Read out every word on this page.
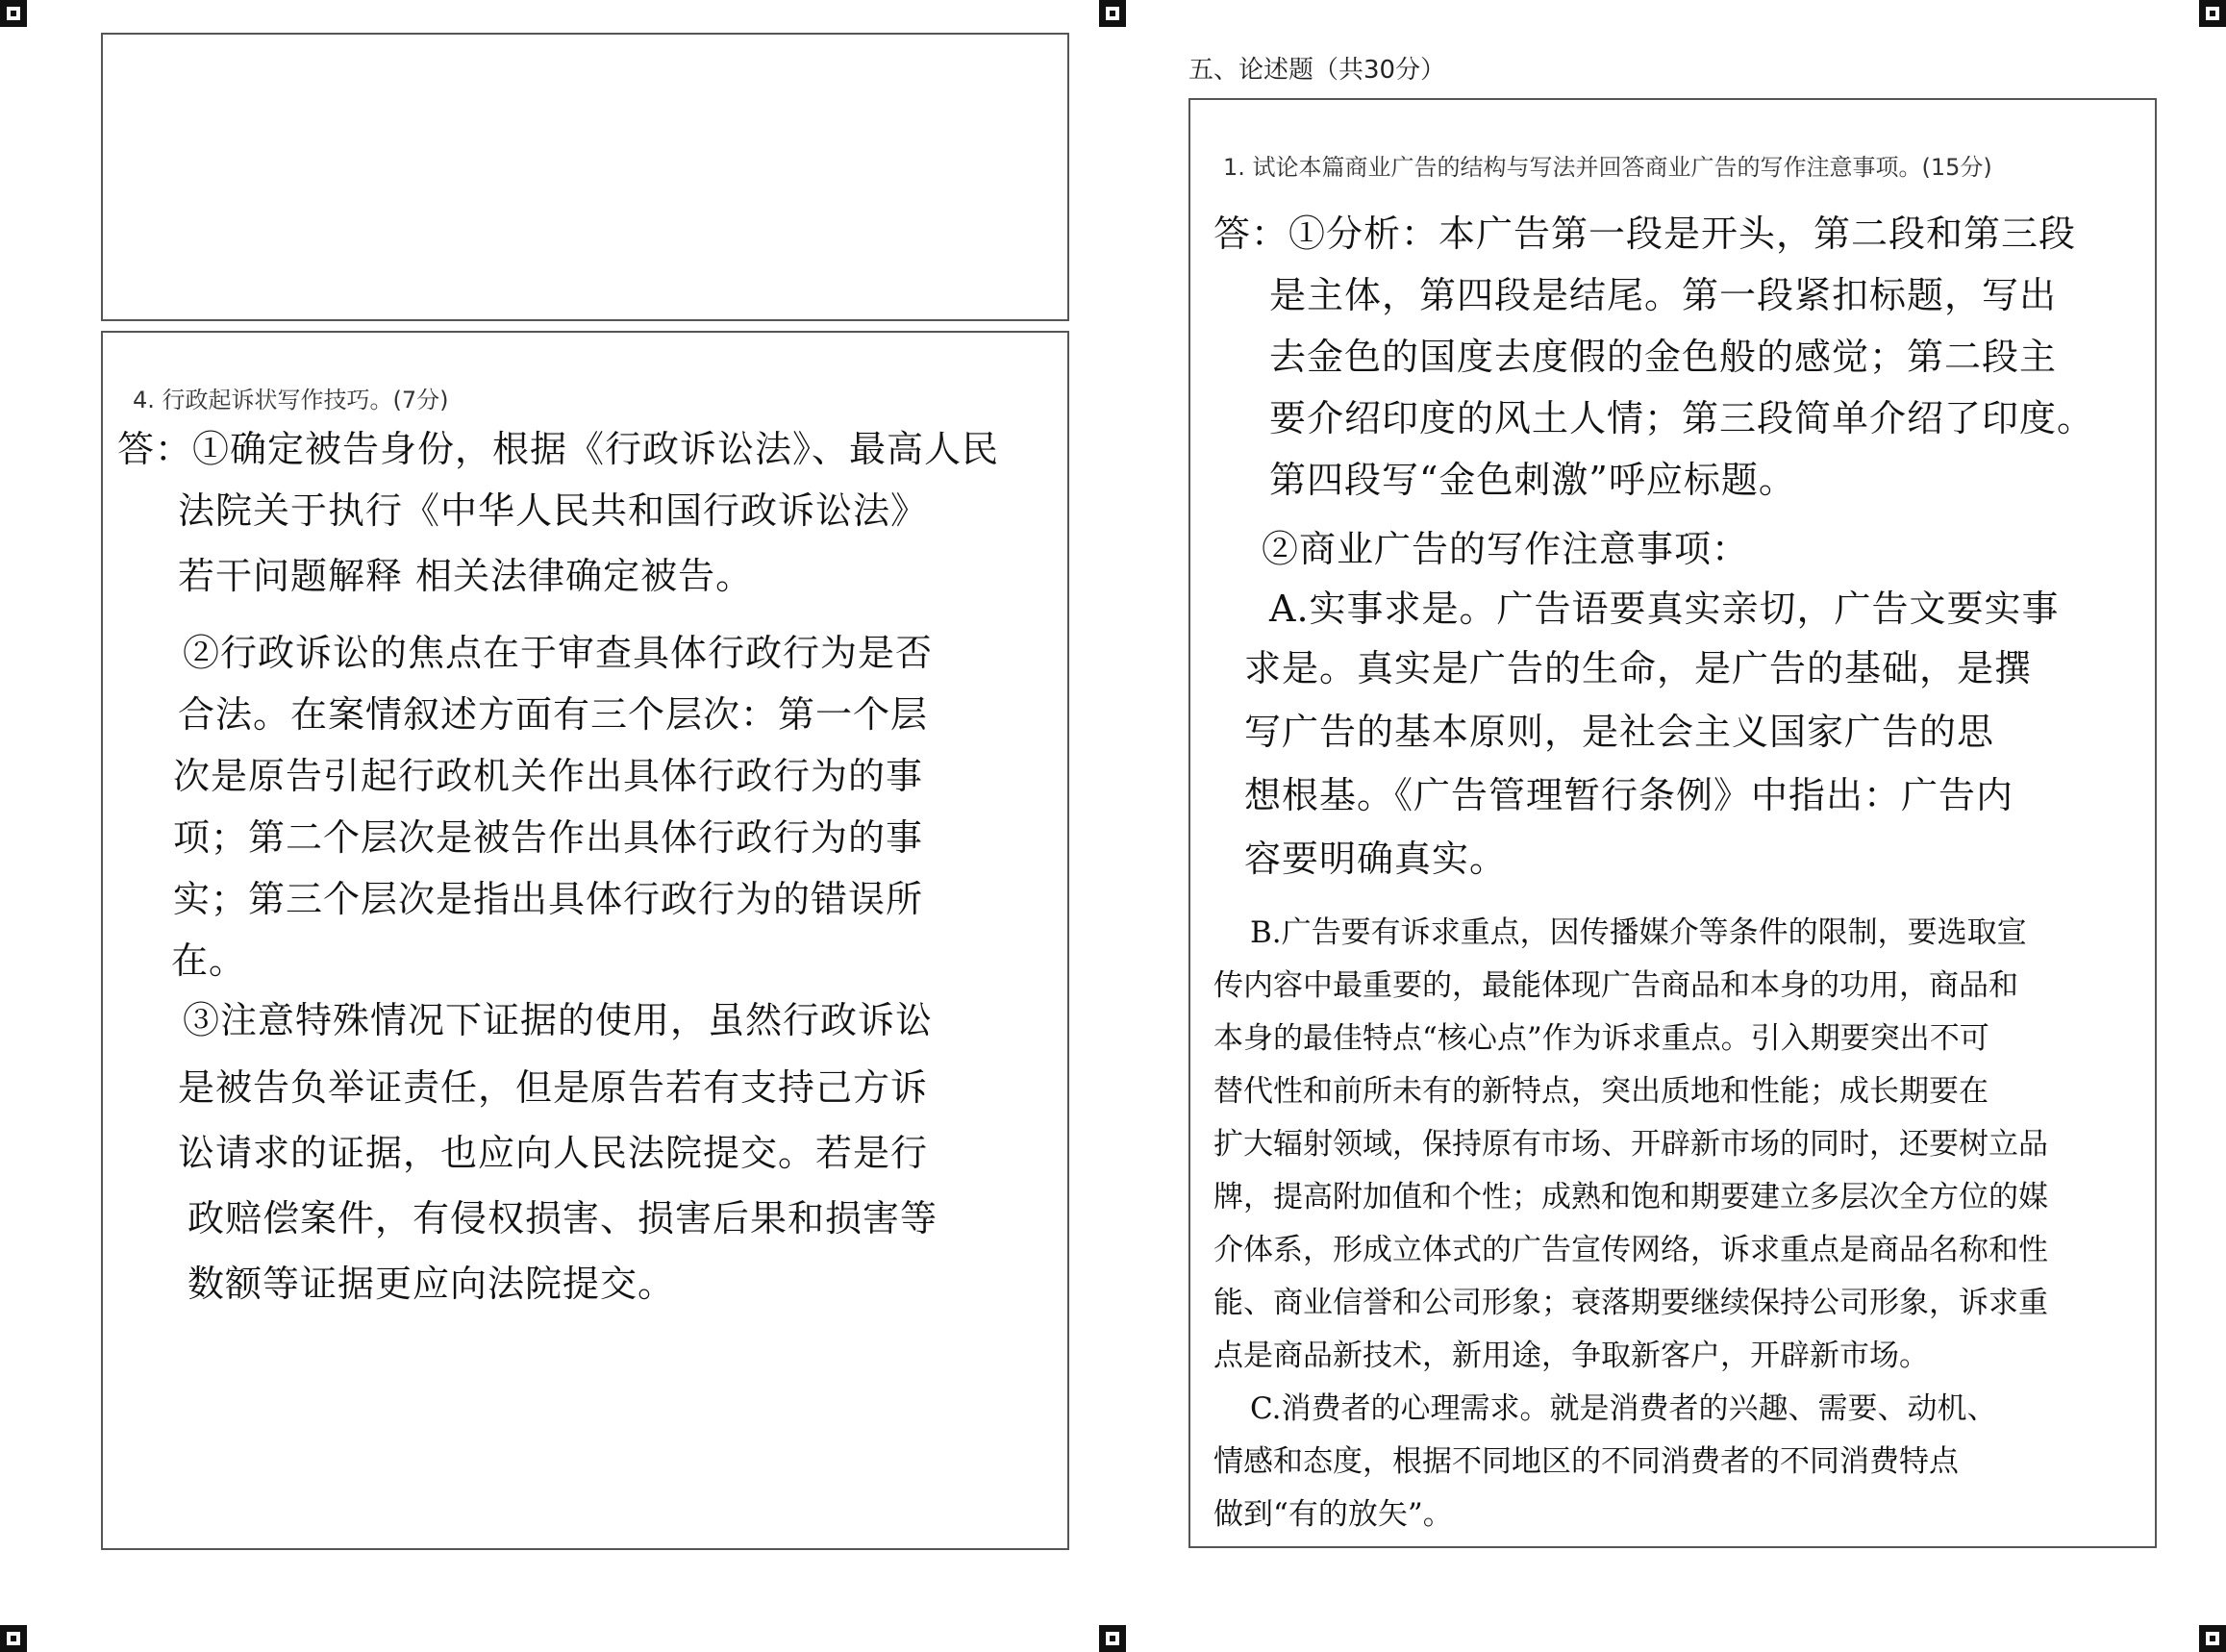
4. 行政起诉状写作技巧。(7分)
答：①确定被告身份，根据《行政诉讼法》、最高人民
法院关于执行《中华人民共和国行政诉讼法》
若干问题解释 相关法律确定被告。
②行政诉讼的焦点在于审查具体行政行为是否
合法。在案情叙述方面有三个层次：第一个层
次是原告引起行政机关作出具体行政行为的事
项；第二个层次是被告作出具体行政行为的事
实；第三个层次是指出具体行政行为的错误所
在。
③注意特殊情况下证据的使用，虽然行政诉讼
是被告负举证责任，但是原告若有支持己方诉
讼请求的证据，也应向人民法院提交。若是行
政赔偿案件，有侵权损害、损害后果和损害等
数额等证据更应向法院提交。
五、论述题（共30分）
1. 试论本篇商业广告的结构与写法并回答商业广告的写作注意事项。(15分)
答：①分析：本广告第一段是开头，第二段和第三段
是主体，第四段是结尾。第一段紧扣标题，写出
去金色的国度去度假的金色般的感觉；第二段主
要介绍印度的风土人情；第三段简单介绍了印度。
第四段写“金色刺激”呼应标题。
②商业广告的写作注意事项：
A.实事求是。广告语要真实亲切，广告文要实事
求是。真实是广告的生命，是广告的基础，是撰
写广告的基本原则，是社会主义国家广告的思
想根基。《广告管理暂行条例》中指出：广告内
容要明确真实。
B.广告要有诉求重点，因传播媒介等条件的限制，要选取宣
传内容中最重要的，最能体现广告商品和本身的功用，商品和
本身的最佳特点“核心点”作为诉求重点。引入期要突出不可
替代性和前所未有的新特点，突出质地和性能；成长期要在
扩大辐射领域，保持原有市场、开辟新市场的同时，还要树立品
牌，提高附加值和个性；成熟和饱和期要建立多层次全方位的媒
介体系，形成立体式的广告宣传网络，诉求重点是商品名称和性
能、商业信誉和公司形象；衰落期要继续保持公司形象，诉求重
点是商品新技术，新用途，争取新客户，开辟新市场。
C.消费者的心理需求。就是消费者的兴趣、需要、动机、
情感和态度，根据不同地区的不同消费者的不同消费特点
做到“有的放矢”。
